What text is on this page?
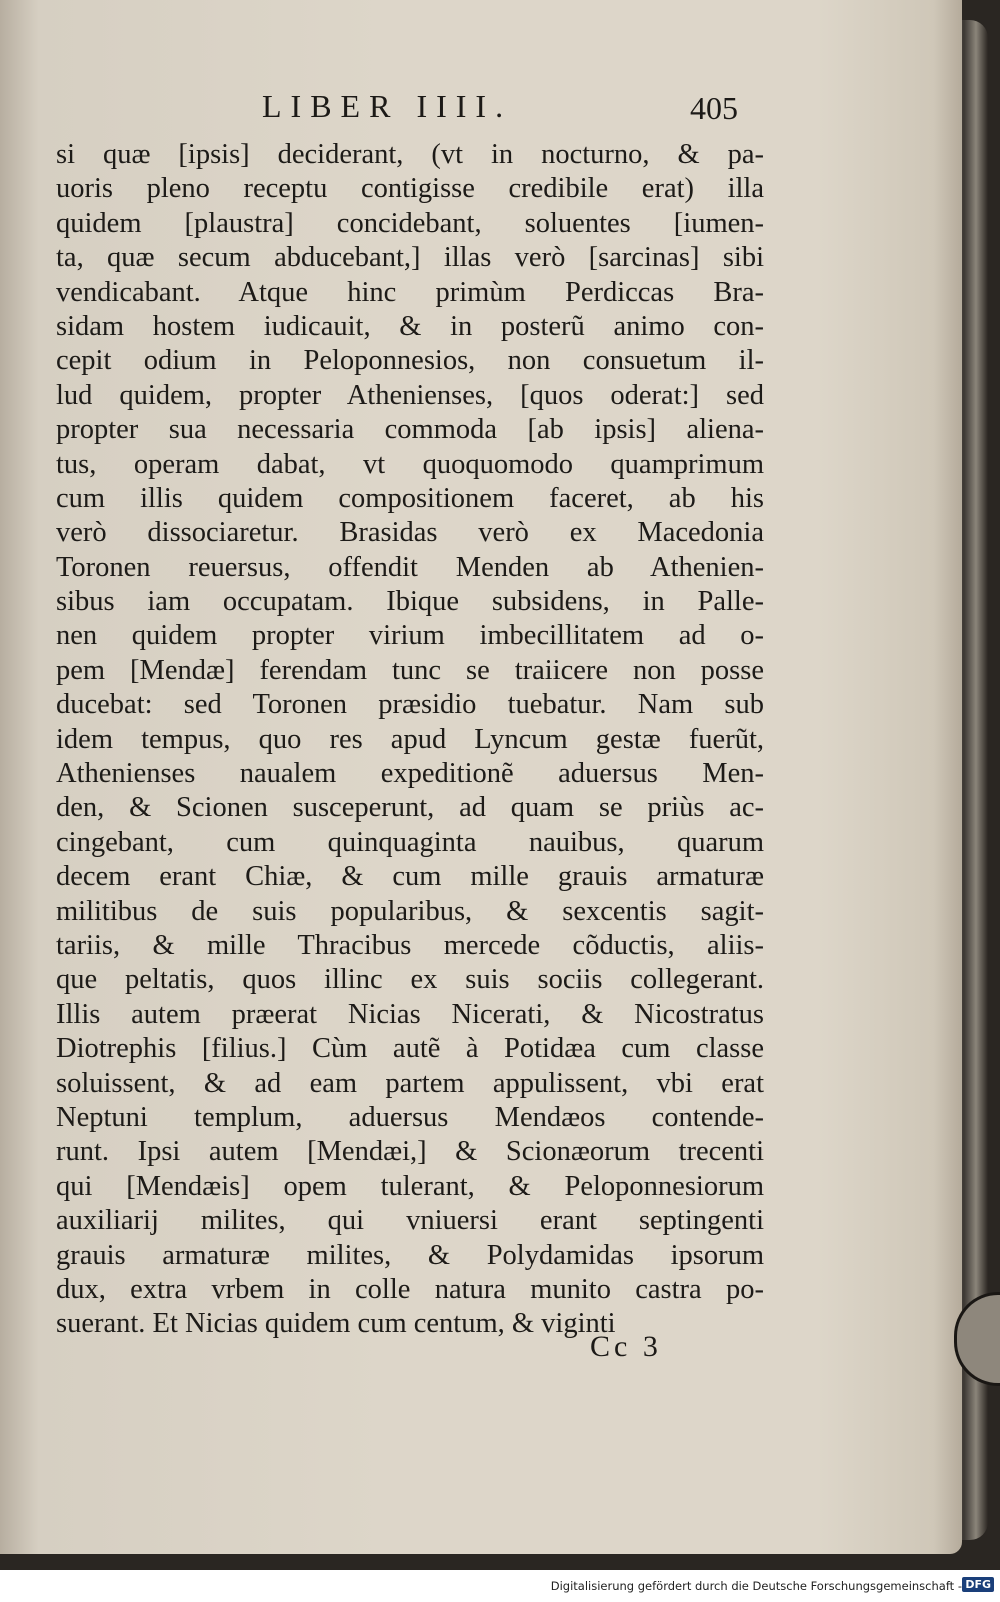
LIBER IIII.	405
si quæ [ipsis] deciderant, (vt in nocturno, & pa-
uoris pleno receptu contigisse credibile erat) illa
quidem [plaustra] concidebant, soluentes [iumen-
ta, quæ secum abducebant,] illas verò [sarcinas] sibi
vendicabant. Atque hinc primùm Perdiccas Bra-
sidam hostem iudicauit, & in posterũ animo con-
cepit odium in Peloponnesios, non consuetum il-
lud quidem, propter Athenienses, [quos oderat:] sed
propter sua necessaria commoda [ab ipsis] aliena-
tus, operam dabat, vt quoquomodo quamprimum
cum illis quidem compositionem faceret, ab his
verò dissociaretur. Brasidas verò ex Macedonia
Toronen reuersus, offendit Menden ab Athenien-
sibus iam occupatam. Ibique subsidens, in Palle-
nen quidem propter virium imbecillitatem ad o-
pem [Mendæ] ferendam tunc se traiicere non posse
ducebat: sed Toronen præsidio tuebatur. Nam sub
idem tempus, quo res apud Lyncum gestæ fuerũt,
Athenienses naualem expeditionẽ aduersus Men-
den, & Scionen susceperunt, ad quam se priùs ac-
cingebant, cum quinquaginta nauibus, quarum
decem erant Chiæ, & cum mille grauis armaturæ
militibus de suis popularibus, & sexcentis sagit-
tariis, & mille Thracibus mercede cõductis, aliis-
que peltatis, quos illinc ex suis sociis collegerant.
Illis autem præerat Nicias Nicerati, & Nicostratus
Diotrephis [filius.] Cùm autẽ à Potidæa cum classe
soluissent, & ad eam partem appulissent, vbi erat
Neptuni templum, aduersus Mendæos contende-
runt. Ipsi autem [Mendæi,] & Scionæorum trecenti
qui [Mendæis] opem tulerant, & Peloponnesiorum
auxiliarij milites, qui vniuersi erant septingenti
grauis armaturæ milites, & Polydamidas ipsorum
dux, extra vrbem in colle natura munito castra po-
suerant. Et Nicias quidem cum centum, & viginti
Cc 3
Digitalisierung gefördert durch die Deutsche Forschungsgemeinschaft - DFG
